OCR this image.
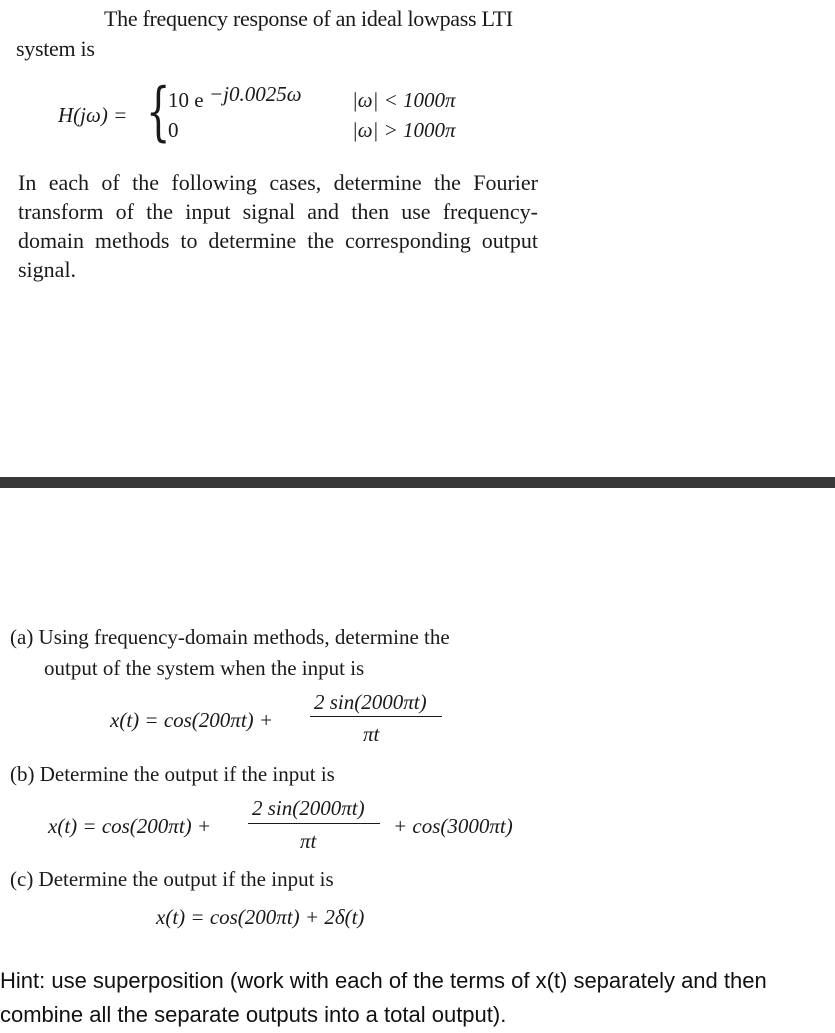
The frequency response of an ideal lowpass LTI
system is
H(jω) = {
10 e −j0.0025ω |ω| < 1000π
0	|ω| > 1000π
In each of the following cases, determine the Fourier transform of the input signal and then use frequency-domain methods to determine the corresponding output signal.
(a) Using frequency-domain methods, determine the
output of the system when the input is
x(t) = cos(200πt) +
2 sin(2000πt)
πt
(b) Determine the output if the input is
x(t) = cos(200πt) +
2 sin(2000πt)
πt
+ cos(3000πt)
(c) Determine the output if the input is
x(t) = cos(200πt) + 2δ(t)
Hint: use superposition (work with each of the terms of x(t) separately and then combine all the separate outputs into a total output).
